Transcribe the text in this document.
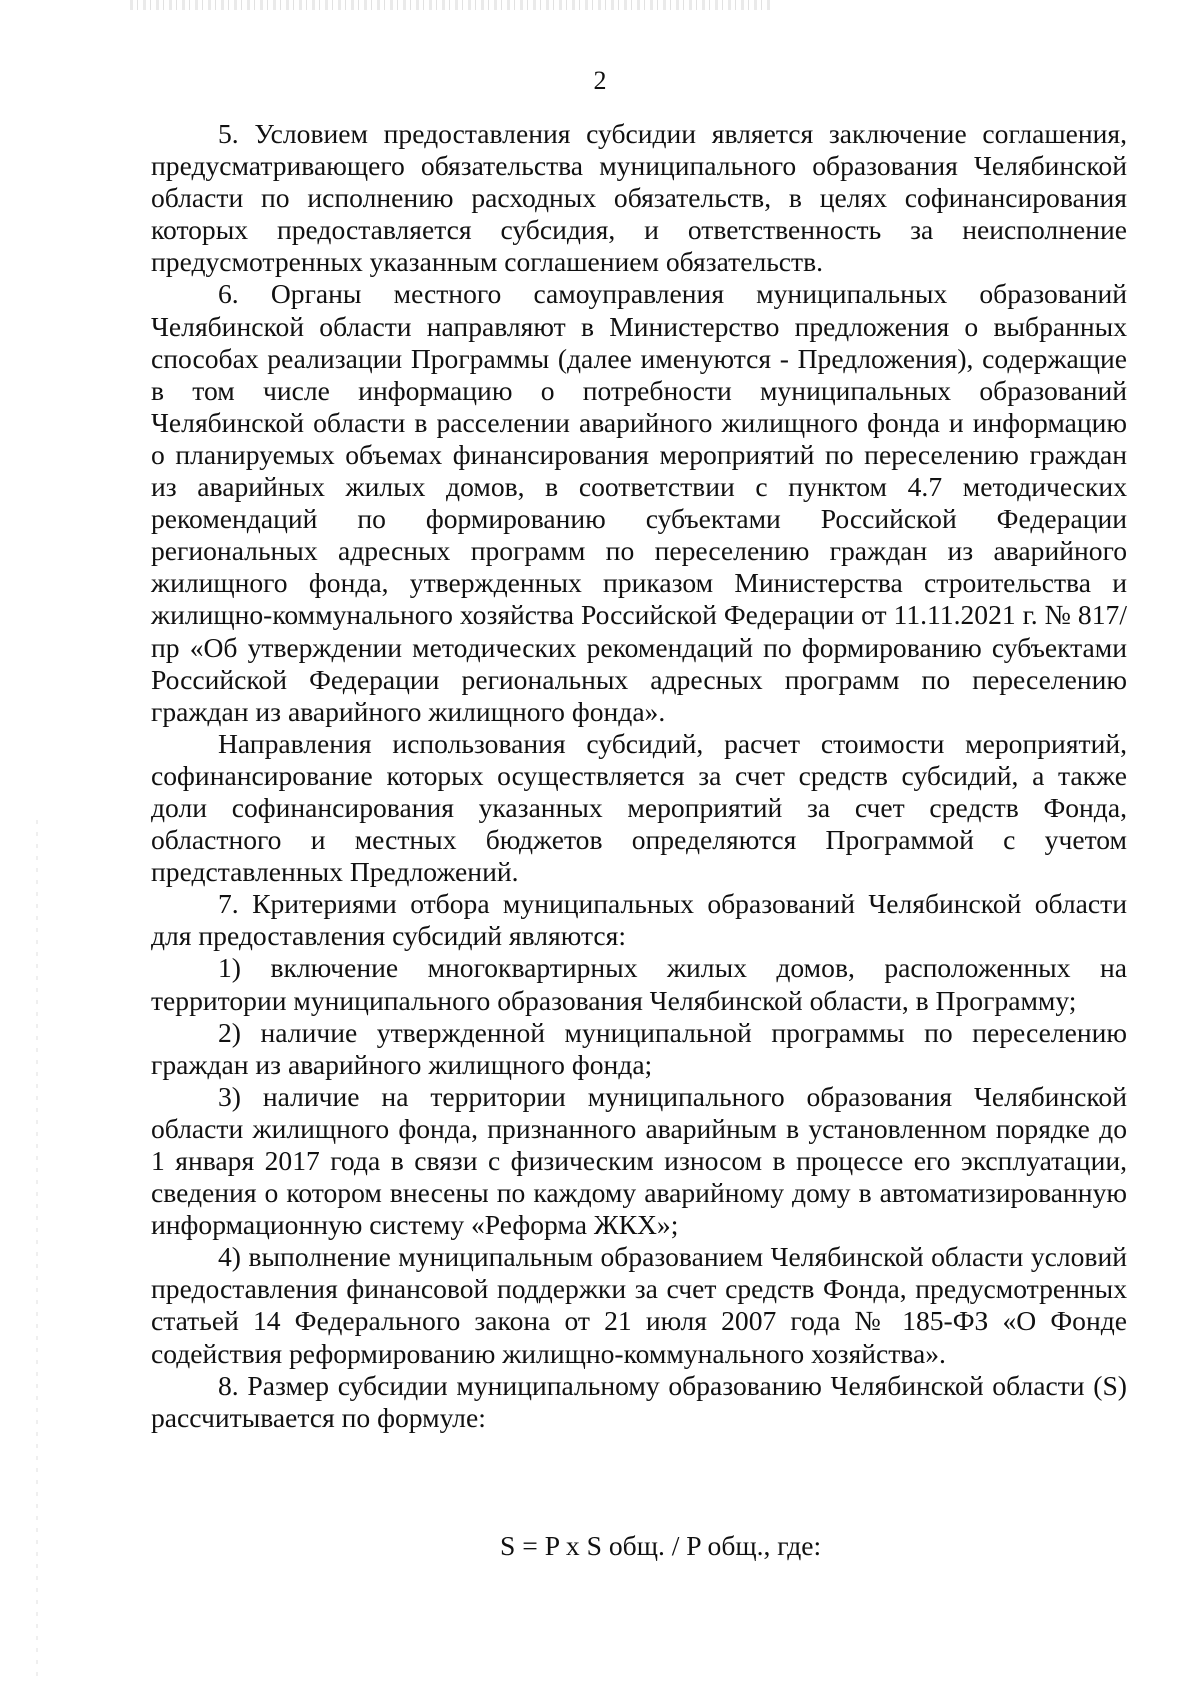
2

5. Условием предоставления субсидии является заключение соглашения, предусматривающего обязательства муниципального образования Челябинской области по исполнению расходных обязательств, в целях софинансирования которых предоставляется субсидия, и ответственность за неисполнение предусмотренных указанным соглашением обязательств.

6. Органы местного самоуправления муниципальных образований Челябинской области направляют в Министерство предложения о выбранных способах реализации Программы (далее именуются - Предложения), содержащие в том числе информацию о потребности муниципальных образований Челябинской области в расселении аварийного жилищного фонда и информацию о планируемых объемах финансирования мероприятий по переселению граждан из аварийных жилых домов, в соответствии с пунктом 4.7 методических рекомендаций по формированию субъектами Российской Федерации региональных адресных программ по переселению граждан из аварийного жилищного фонда, утвержденных приказом Министерства строительства и жилищно-коммунального хозяйства Российской Федерации от 11.11.2021 г. № 817/пр «Об утверждении методических рекомендаций по формированию субъектами Российской Федерации региональных адресных программ по переселению граждан из аварийного жилищного фонда».

Направления использования субсидий, расчет стоимости мероприятий, софинансирование которых осуществляется за счет средств субсидий, а также доли софинансирования указанных мероприятий за счет средств Фонда, областного и местных бюджетов определяются Программой с учетом представленных Предложений.

7. Критериями отбора муниципальных образований Челябинской области для предоставления субсидий являются:

1) включение многоквартирных жилых домов, расположенных на территории муниципального образования Челябинской области, в Программу;

2) наличие утвержденной муниципальной программы по переселению граждан из аварийного жилищного фонда;

3) наличие на территории муниципального образования Челябинской области жилищного фонда, признанного аварийным в установленном порядке до 1 января 2017 года в связи с физическим износом в процессе его эксплуатации, сведения о котором внесены по каждому аварийному дому в автоматизированную информационную систему «Реформа ЖКХ»;

4) выполнение муниципальным образованием Челябинской области условий предоставления финансовой поддержки за счет средств Фонда, предусмотренных статьей 14 Федерального закона от 21 июля 2007 года № 185-ФЗ «О Фонде содействия реформированию жилищно-коммунального хозяйства».

8. Размер субсидии муниципальному образованию Челябинской области (S) рассчитывается по формуле:

S = P x S общ. / P общ., где:
